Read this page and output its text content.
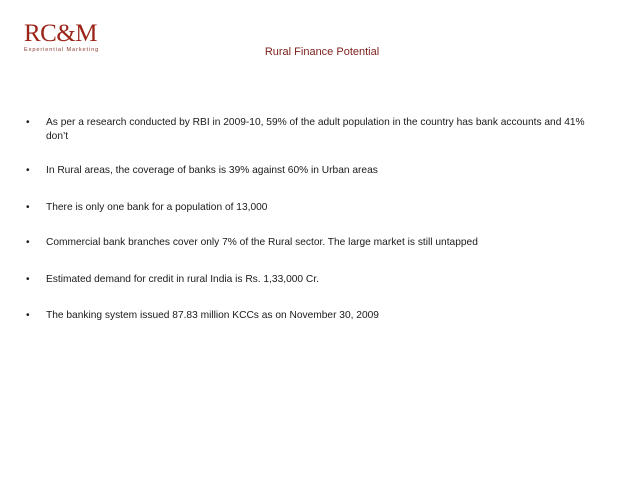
RC&M
Experiential Marketing	Rural Finance Potential
•	As per a research conducted by RBI in 2009-10, 59% of the adult population in the country has bank accounts and 41% don’t
•	In Rural areas, the coverage of banks is 39% against 60% in Urban areas
•	There is only one bank for a population of 13,000
•	Commercial bank branches cover only 7% of the Rural sector. The large market is still untapped
•	Estimated demand for credit in rural India is Rs. 1,33,000 Cr.
•	The banking system issued 87.83 million KCCs as on November 30, 2009
